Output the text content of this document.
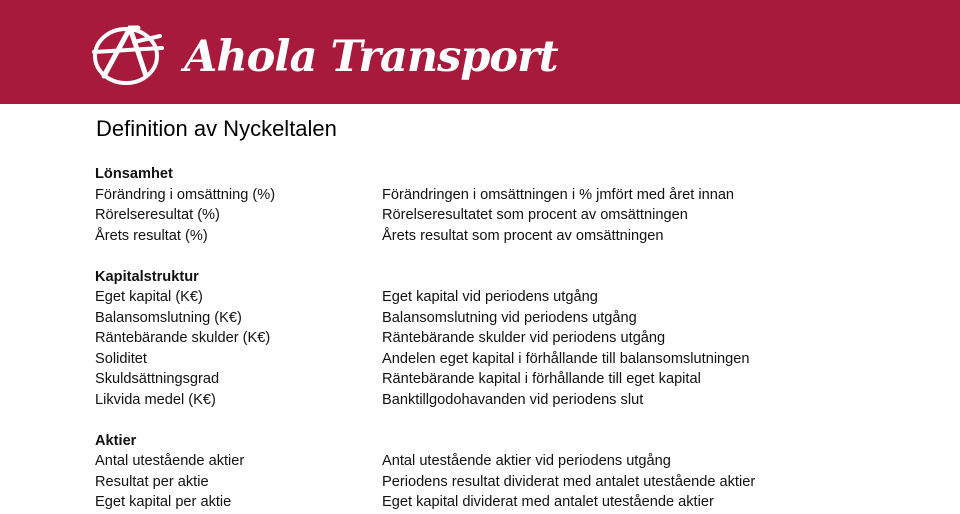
Ahola Transport
Definition av Nyckeltalen
Lönsamhet
Förändring i omsättning (%)
Rörelseresultat (%)
Årets resultat (%)
Kapitalstruktur
Eget kapital (K€)
Balansomslutning (K€)
Räntebärande skulder (K€)
Soliditet
Skuldsättningsgrad
Likvida medel (K€)
Aktier
Antal utestående aktier
Resultat per aktie
Eget kapital per aktie
Förändringen i omsättningen i % jmfört med året innan
Rörelseresultatet som procent av omsättningen
Årets resultat som procent av omsättningen
Eget kapital vid periodens utgång
Balansomslutning vid periodens utgång
Räntebärande skulder vid periodens utgång
Andelen eget kapital i förhållande till balansomslutningen
Räntebärande kapital i förhållande till eget kapital
Banktillgodohavanden vid periodens slut
Antal utestående aktier vid periodens utgång
Periodens resultat dividerat med antalet utestående aktier
Eget kapital dividerat med antalet utestående aktier
